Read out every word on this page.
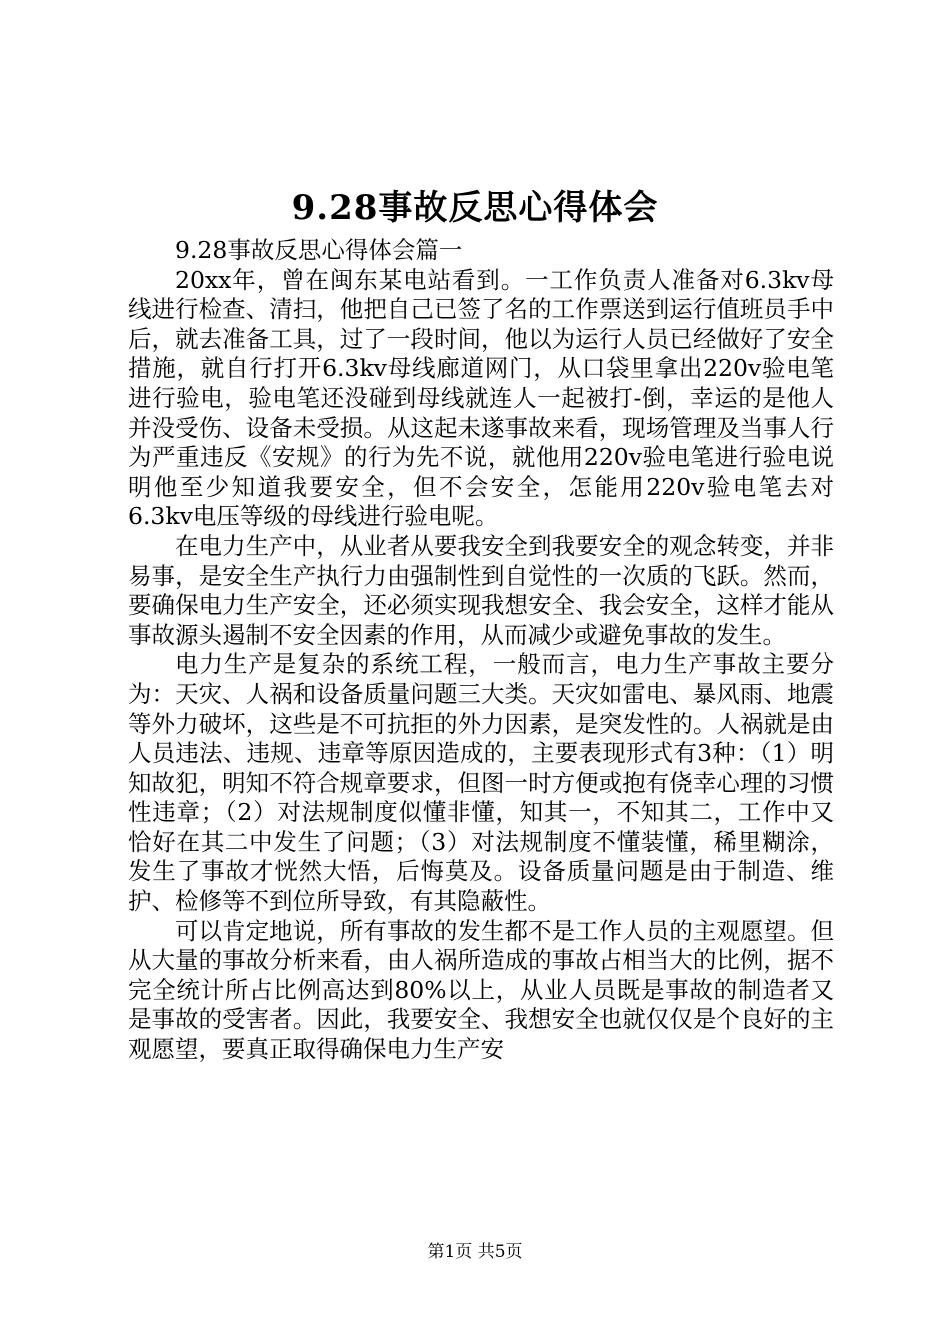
9.28事故反思心得体会

9.28事故反思心得体会篇一

20xx年，曾在闽东某电站看到。一工作负责人准备对6.3kv母线进行检查、清扫，他把自己已签了名的工作票送到运行值班员手中后，就去准备工具，过了一段时间，他以为运行人员已经做好了安全措施，就自行打开6.3kv母线廊道网门，从口袋里拿出220v验电笔进行验电，验电笔还没碰到母线就连人一起被打-倒，幸运的是他人并没受伤、设备未受损。从这起未遂事故来看，现场管理及当事人行为严重违反《安规》的行为先不说，就他用220v验电笔进行验电说明他至少知道我要安全，但不会安全，怎能用220v验电笔去对6.3kv电压等级的母线进行验电呢。

在电力生产中，从业者从要我安全到我要安全的观念转变，并非易事，是安全生产执行力由强制性到自觉性的一次质的飞跃。然而，要确保电力生产安全，还必须实现我想安全、我会安全，这样才能从事故源头遏制不安全因素的作用，从而减少或避免事故的发生。

电力生产是复杂的系统工程，一般而言，电力生产事故主要分为：天灾、人祸和设备质量问题三大类。天灾如雷电、暴风雨、地震等外力破坏，这些是不可抗拒的外力因素，是突发性的。人祸就是由人员违法、违规、违章等原因造成的，主要表现形式有3种：（1）明知故犯，明知不符合规章要求，但图一时方便或抱有侥幸心理的习惯性违章；（2）对法规制度似懂非懂，知其一，不知其二，工作中又恰好在其二中发生了问题；（3）对法规制度不懂装懂，稀里糊涂，发生了事故才恍然大悟，后悔莫及。设备质量问题是由于制造、维护、检修等不到位所导致，有其隐蔽性。

可以肯定地说，所有事故的发生都不是工作人员的主观愿望。但从大量的事故分析来看，由人祸所造成的事故占相当大的比例，据不完全统计所占比例高达到80%以上，从业人员既是事故的制造者又是事故的受害者。因此，我要安全、我想安全也就仅仅是个良好的主观愿望，要真正取得确保电力生产安

第1页 共5页
